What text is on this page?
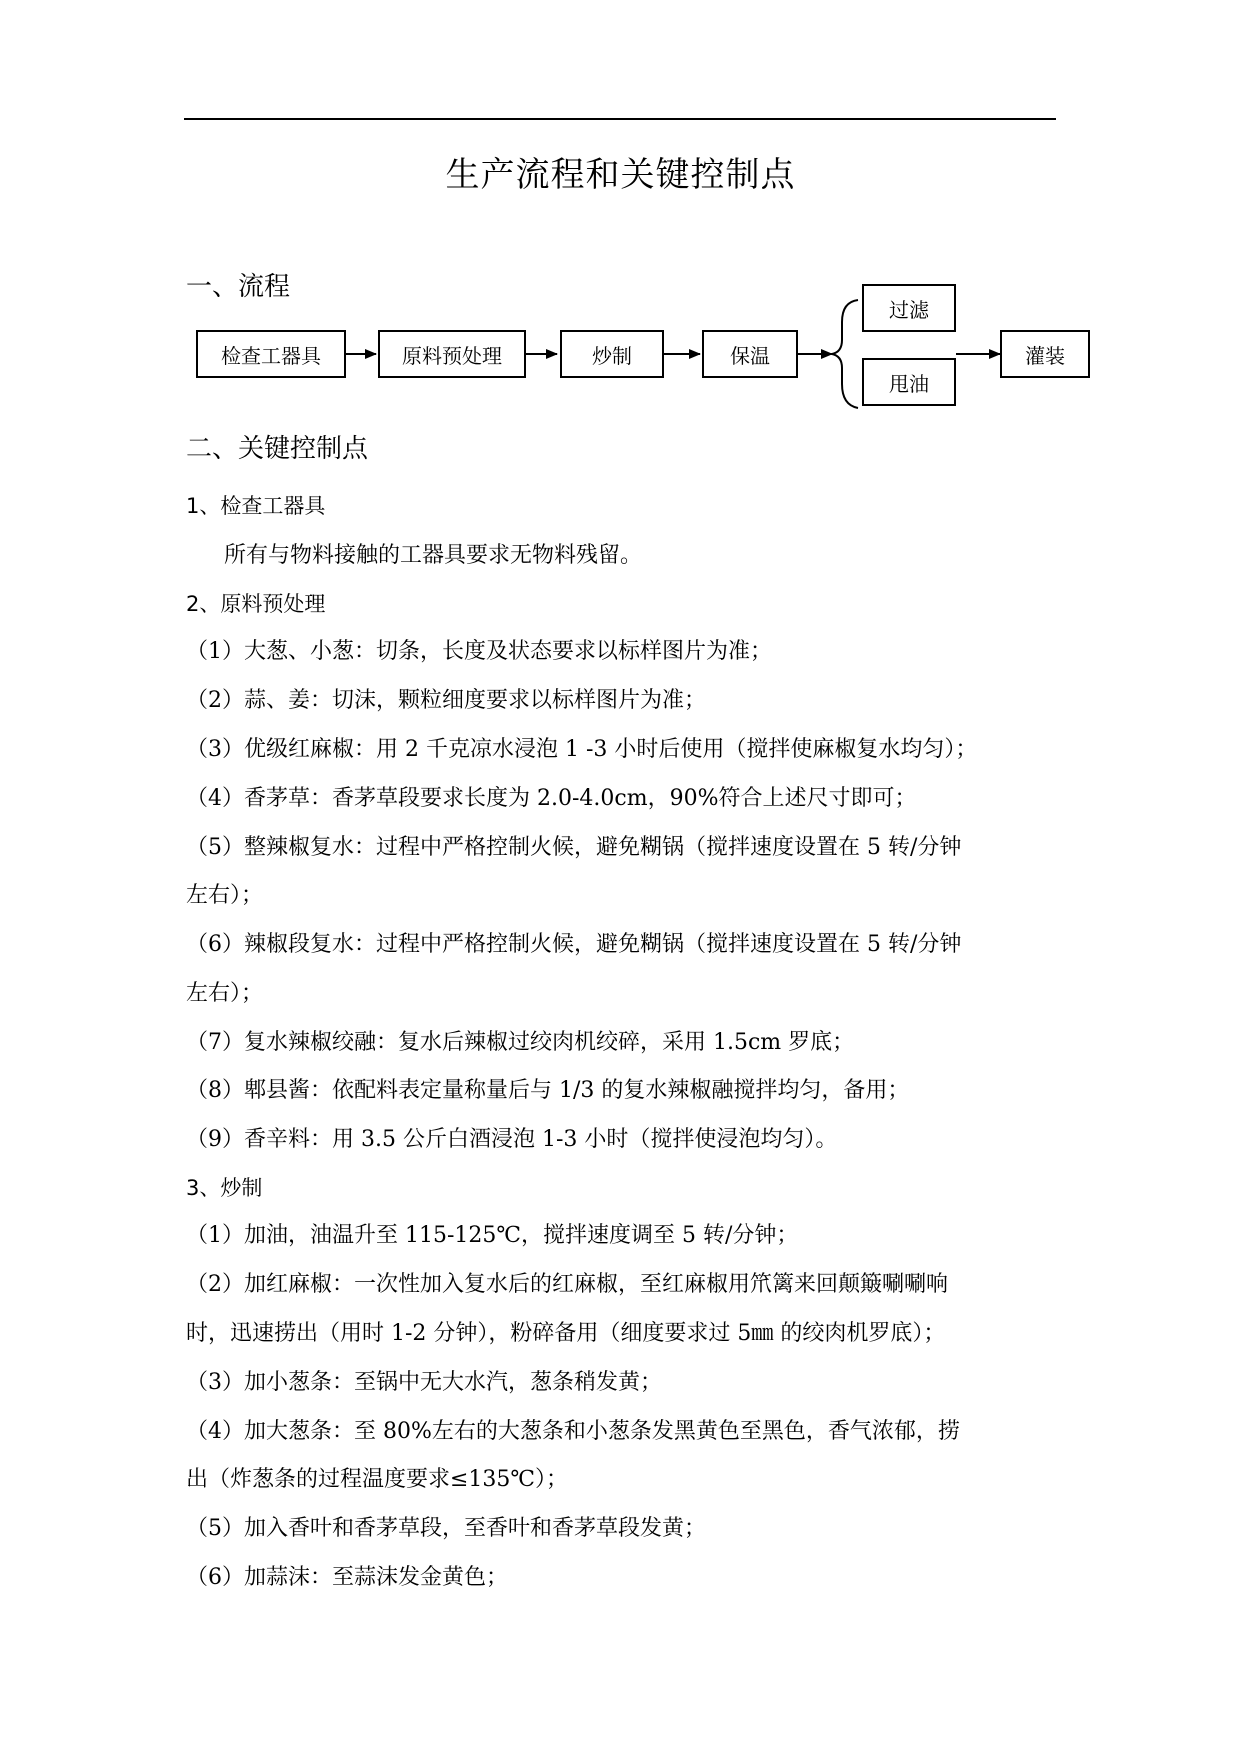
生产流程和关键控制点
一、流程
检查工器具	原料预处理	炒制	保温
过滤
甩油
灌装
二、关键控制点
1、检查工器具
所有与物料接触的工器具要求无物料残留。
2、原料预处理
（1）大葱、小葱：切条，长度及状态要求以标样图片为准；
（2）蒜、姜：切沫，颗粒细度要求以标样图片为准；
（3）优级红麻椒：用 2 千克凉水浸泡 1 -3 小时后使用（搅拌使麻椒复水均匀）；
（4）香茅草：香茅草段要求长度为 2.0-4.0cm，90%符合上述尺寸即可；
（5）整辣椒复水：过程中严格控制火候，避免糊锅（搅拌速度设置在 5 转/分钟
左右）；
（6）辣椒段复水：过程中严格控制火候，避免糊锅（搅拌速度设置在 5 转/分钟
左右）；
（7）复水辣椒绞融：复水后辣椒过绞肉机绞碎，采用 1.5cm 罗底；
（8）郫县酱：依配料表定量称量后与 1/3 的复水辣椒融搅拌均匀，备用；
（9）香辛料：用 3.5 公斤白酒浸泡 1-3 小时（搅拌使浸泡均匀）。
3、炒制
（1）加油，油温升至 115-125℃，搅拌速度调至 5 转/分钟；
（2）加红麻椒：一次性加入复水后的红麻椒，至红麻椒用笊篱来回颠簸唰唰响
时，迅速捞出（用时 1-2 分钟），粉碎备用（细度要求过 5㎜ 的绞肉机罗底）；
（3）加小葱条：至锅中无大水汽，葱条稍发黄；
（4）加大葱条：至 80%左右的大葱条和小葱条发黑黄色至黑色，香气浓郁，捞
出（炸葱条的过程温度要求≤135℃）；
（5）加入香叶和香茅草段，至香叶和香茅草段发黄；
（6）加蒜沫：至蒜沫发金黄色；
